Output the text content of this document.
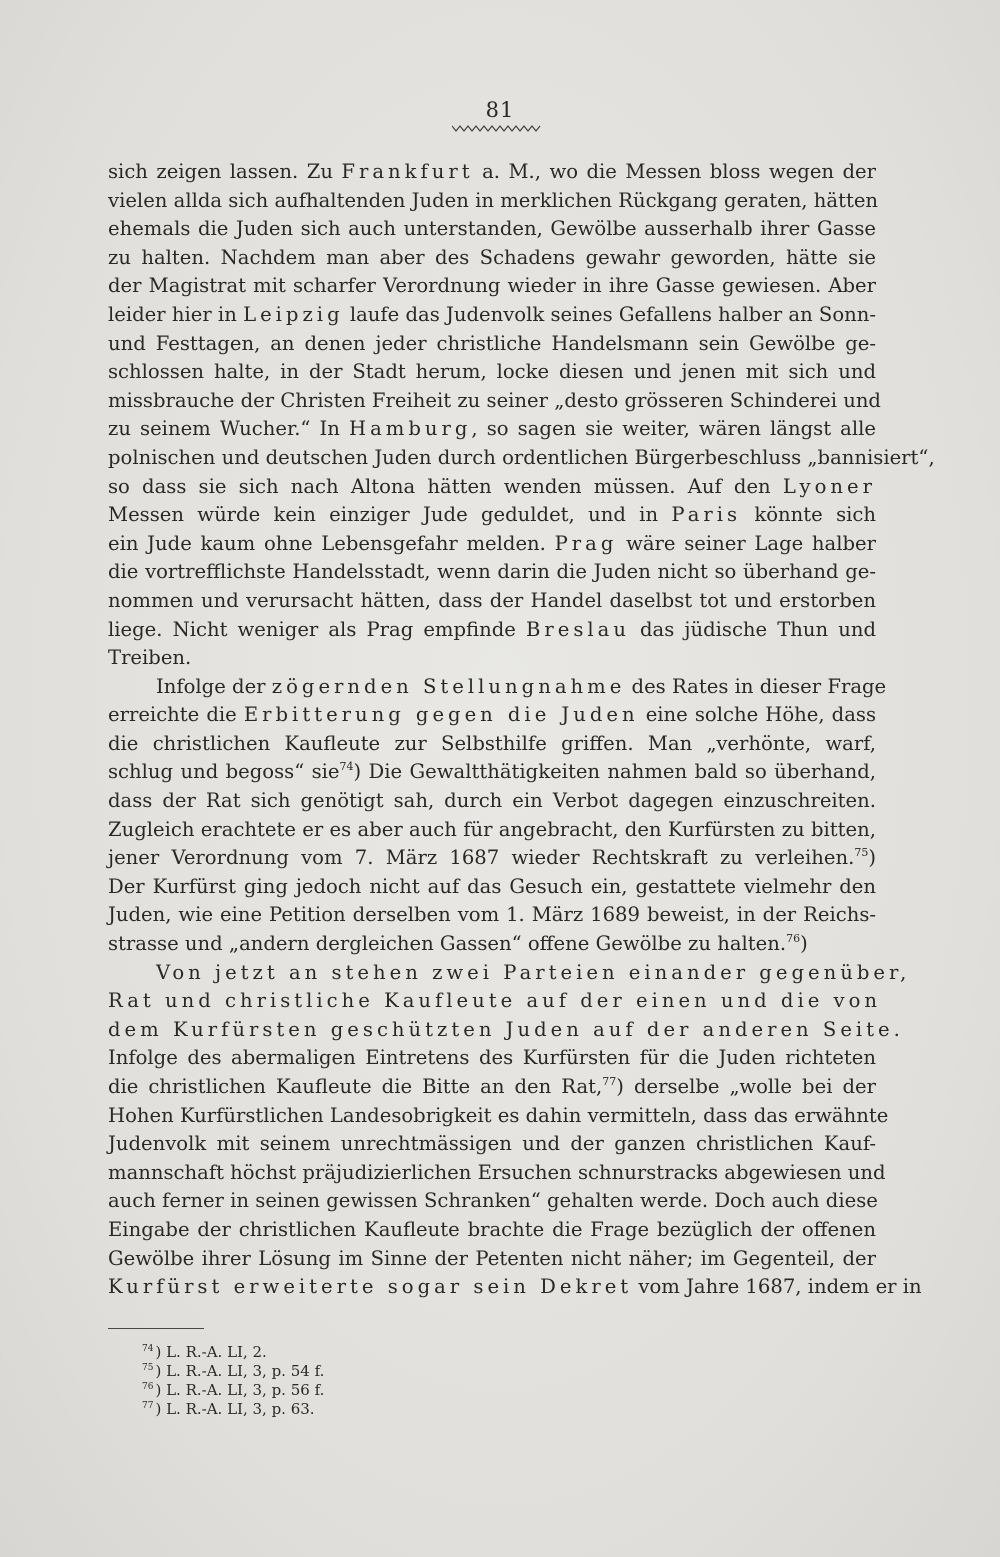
81
sich zeigen lassen. Zu Frankfurt a. M., wo die Messen bloss wegen der
vielen allda sich aufhaltenden Juden in merklichen Rückgang geraten, hätten
ehemals die Juden sich auch unterstanden, Gewölbe ausserhalb ihrer Gasse
zu halten. Nachdem man aber des Schadens gewahr geworden, hätte sie
der Magistrat mit scharfer Verordnung wieder in ihre Gasse gewiesen. Aber
leider hier in Leipzig laufe das Judenvolk seines Gefallens halber an Sonn-
und Festtagen, an denen jeder christliche Handelsmann sein Gewölbe ge-
schlossen halte, in der Stadt herum, locke diesen und jenen mit sich und
missbrauche der Christen Freiheit zu seiner „desto grösseren Schinderei und
zu seinem Wucher.“ In Hamburg, so sagen sie weiter, wären längst alle
polnischen und deutschen Juden durch ordentlichen Bürgerbeschluss „bannisiert“,
so dass sie sich nach Altona hätten wenden müssen. Auf den Lyoner
Messen würde kein einziger Jude geduldet, und in Paris könnte sich
ein Jude kaum ohne Lebensgefahr melden. Prag wäre seiner Lage halber
die vortrefflichste Handelsstadt, wenn darin die Juden nicht so überhand ge-
nommen und verursacht hätten, dass der Handel daselbst tot und erstorben
liege. Nicht weniger als Prag empfinde Breslau das jüdische Thun und
Treiben.
Infolge der zögernden Stellungnahme des Rates in dieser Frage
erreichte die Erbitterung gegen die Juden eine solche Höhe, dass
die christlichen Kaufleute zur Selbsthilfe griffen. Man „verhönte, warf,
schlug und begoss“ sie$^{74}$) Die Gewaltthätigkeiten nahmen bald so überhand,
dass der Rat sich genötigt sah, durch ein Verbot dagegen einzuschreiten.
Zugleich erachtete er es aber auch für angebracht, den Kurfürsten zu bitten,
jener Verordnung vom 7. März 1687 wieder Rechtskraft zu verleihen.$^{75}$)
Der Kurfürst ging jedoch nicht auf das Gesuch ein, gestattete vielmehr den
Juden, wie eine Petition derselben vom 1. März 1689 beweist, in der Reichs-
strasse und „andern dergleichen Gassen“ offene Gewölbe zu halten.$^{76}$)
Von jetzt an stehen zwei Parteien einander gegenüber,
Rat und christliche Kaufleute auf der einen und die von
dem Kurfürsten geschützten Juden auf der anderen Seite.
Infolge des abermaligen Eintretens des Kurfürsten für die Juden richteten
die christlichen Kaufleute die Bitte an den Rat,$^{77}$) derselbe „wolle bei der
Hohen Kurfürstlichen Landesobrigkeit es dahin vermitteln, dass das erwähnte
Judenvolk mit seinem unrechtmässigen und der ganzen christlichen Kauf-
mannschaft höchst präjudizierlichen Ersuchen schnurstracks abgewiesen und
auch ferner in seinen gewissen Schranken“ gehalten werde. Doch auch diese
Eingabe der christlichen Kaufleute brachte die Frage bezüglich der offenen
Gewölbe ihrer Lösung im Sinne der Petenten nicht näher; im Gegenteil, der
Kurfürst erweiterte sogar sein Dekret vom Jahre 1687, indem er in
$^{74}$ ) L. R.-A. LI, 2.
$^{75}$ ) L. R.-A. LI, 3, p. 54 f.
$^{76}$ ) L. R.-A. LI, 3, p. 56 f.
$^{77}$ ) L. R.-A. LI, 3, p. 63.
